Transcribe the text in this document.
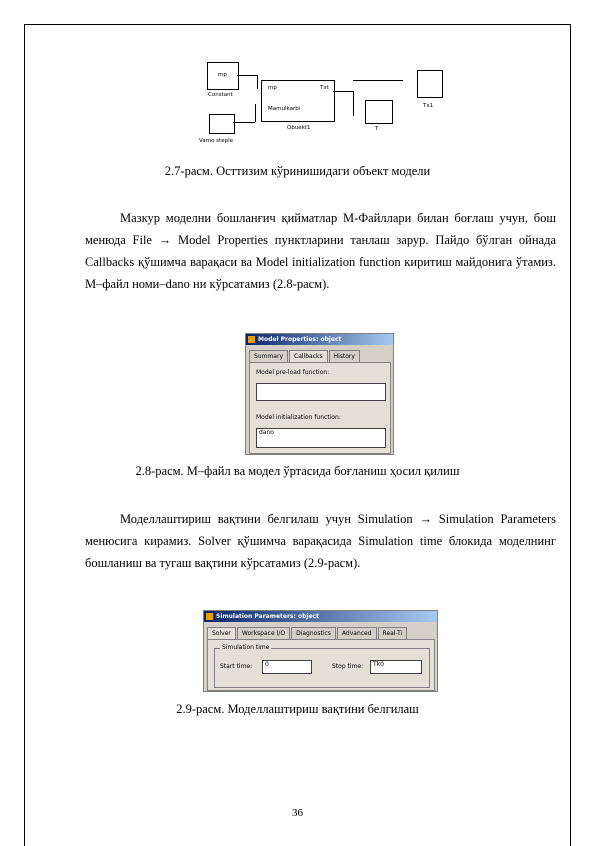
mp
Constant
mp
Mamulkarbi
Txt
Obuekt1	T
Tx1
Vamo stepie
2.7-расм. Осттизим кўринишидаги объект модели

Мазкур моделни бошланғич қийматлар M-Файллари билан боғлаш учун, бош менюда File → Model Properties пунктларини танлаш зарур. Пайдо бўлган ойнада Callbacks қўшимча варақаси ва Model initialization function киритиш майдонига ўтамиз. M–файл номи–dano ни кўрсатамиз (2.8-расм).

Model Properties: object
Summary Callbacks History
Model pre-load function:
Model initialization function:
dano
2.8-расм. M–файл ва модел ўртасида боғланиш ҳосил қилиш

Моделлаштириш вақтини белгилаш учун Simulation → Simulation Parameters менюсига кирамиз. Solver қўшимча варақасида Simulation time блокида моделнинг бошланиш ва тугаш вақтини кўрсатамиз (2.9-расм).

Simulation Parameters: object
Solver Workspace I/O Diagnostics Advanced Real-Ti
Simulation time
Start time:	0	Stop time:	Tk0
2.9-расм. Моделлаштириш вақтини белгилаш
36
